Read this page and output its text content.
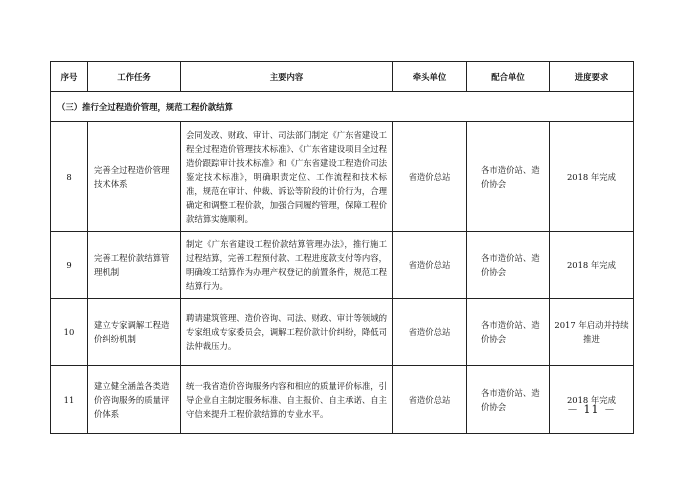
序号	工作任务	主要内容	牵头单位	配合单位	进度要求
（三）推行全过程造价管理，规范工程价款结算					
8	完善全过程造价管理技术体系	会同发改、财政、审计、司法部门制定《广东省建设工程全过程造价管理技术标准》、《广东省建设项目全过程造价跟踪审计技术标准》和《广东省建设工程造价司法鉴定技术标准》，明确职责定位、工作流程和技术标准，规范在审计、仲裁、诉讼等阶段的计价行为，合理确定和调整工程价款，加强合同履约管理，保障工程价款结算实施顺利。	省造价总站	各市造价站、造价协会	2018 年完成
9	完善工程价款结算管理机制	制定《广东省建设工程价款结算管理办法》，推行施工过程结算，完善工程预付款、工程进度款支付等内容，明确竣工结算作为办理产权登记的前置条件，规范工程结算行为。	省造价总站	各市造价站、造价协会	2018 年完成
10	建立专家调解工程造价纠纷机制	聘请建筑管理、造价咨询、司法、财政、审计等领域的专家组成专家委员会，调解工程价款计价纠纷，降低司法仲裁压力。	省造价总站	各市造价站、造价协会	2017 年启动并持续推进
11	建立健全涵盖各类造价咨询服务的质量评价体系	统一我省造价咨询服务内容和相应的质量评价标准，引导企业自主制定服务标准、自主报价、自主承诺、自主守信来提升工程价款结算的专业水平。	省造价总站	各市造价站、造价协会	2018 年完成
－ 11 －
